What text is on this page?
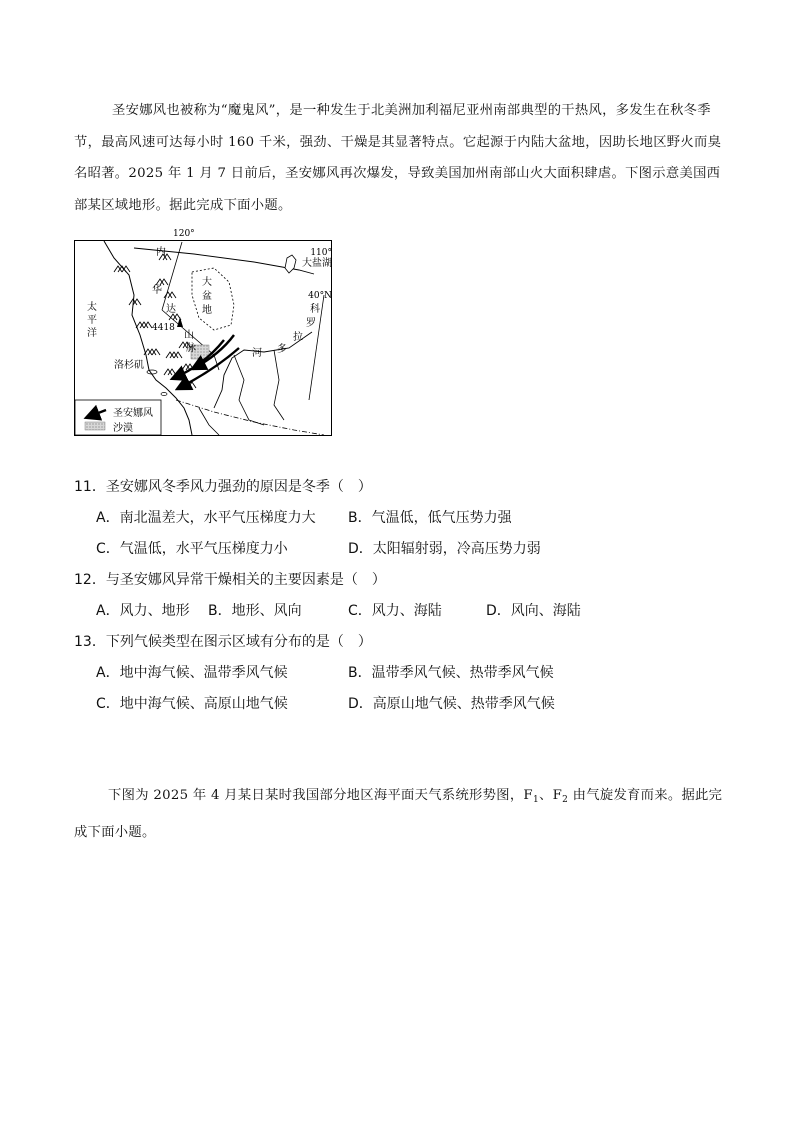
圣安娜风也被称为“魔鬼风”，是一种发生于北美洲加利福尼亚州南部典型的干热风，多发生在秋冬季节，最高风速可达每小时 160 千米，强劲、干燥是其显著特点。它起源于内陆大盆地，因助长地区野火而臭名昭著。2025 年 1 月 7 日前后，圣安娜风再次爆发，导致美国加州南部山火大面积肆虐。下图示意美国西部某区域地形。据此完成下面小题。

120°
110°
40°N
大盐湖
大
盆
地
内
华
达
山
脉
4418
太
平
洋
科
罗
拉
多
河
洛杉矶
圣安娜风
沙漠
11．圣安娜风冬季风力强劲的原因是冬季（　）
A．南北温差大，水平气压梯度力大 B．气温低，低气压势力强
C．气温低，水平气压梯度力小	D．太阳辐射弱，冷高压势力弱
12．与圣安娜风异常干燥相关的主要因素是（　）
A．风力、地形 B．地形、风向	C．风力、海陆	D．风向、海陆
13．下列气候类型在图示区域有分布的是（　）
A．地中海气候、温带季风气候	B．温带季风气候、热带季风气候
C．地中海气候、高原山地气候	D．高原山地气候、热带季风气候

下图为 2025 年 4 月某日某时我国部分地区海平面天气系统形势图，$F_1$、$F_2$ 由气旋发育而来。据此完成下面小题。
